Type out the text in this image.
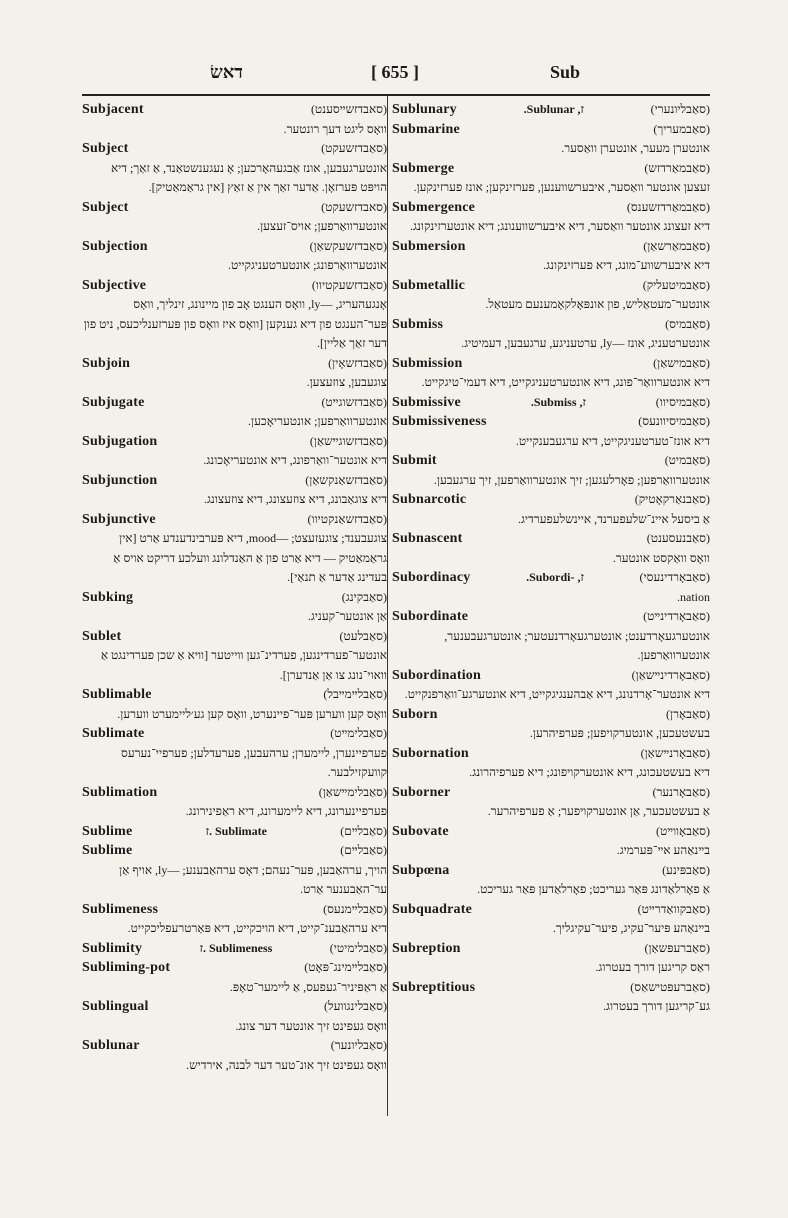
ﬢﬡשׂ	[ 655 ]	Sub
Subjacent	(סאבדזשײסענט)
וואָס ליגט דעך רונטער.
Subject	(סאַבדזשעקט)
אונטערגעבען, אונז אַבגעהאָרכען; אָ נעגענשטאַנד, אַ זאַך; דיא הויפּט פּערזאָן. אַדער זאַך אין אַ זאַץ [אין גראַמאַטיק].
Subject	(סאבדזשעקט)
אונטערוואַרפען; אויס־זעצען.
Subjection	(סאַבדזשעקשאַן)
אונטערוואַרפונג; אונטערטעניגקייט.
Subjective	(סאַבדזשעקטיוו)
אָנגעהעריג, —ly, וואָס הענגט אָב פון מיינונג, זינליך, וואָס פּער־הענגט פון דיא גענקען [וואָס איז וואָס פון פּערזענליכעס, ניט פון דער זאַך אַליין].
Subjoin	(סאַבדזשאָין)
צוגעבען, צוזעצען.
Subjugate	(סאַבדזשוגײט)
אונטערוואַרפען; אונטעריאָכען.
Subjugation	(סאַבדזשוגײשאַן)
דיא אונטער־וואַרפונג, דיא אונטעריאָכונג.
Subjunction	(סאַבדזשאַנקשאַן)
דיא צוגאַבונג, דיא צוזעצונג, דיא צוזעצונג.
Subjunctive	(סאַבדזשאַנקטיוו)
צוגעבענד; צוגעזעצט; —mood, דיא פּערבינדענדע אַרט [אין גראַמאַטיק — דיא אַרט פון אַ האַנדלונג וועלכע דריקט אויס אַ בעדינג אַדער אַ תנאַי].
Subking	(סאַבקינג)
אַן אונטער־קעניג.
Sublet	(סאַבלעט)
אונטער־פערדינגען, פערדינ־גען ווייטער [וויא אַ שכן פערדינגט אַ וואוי־נונג צו אַן אַנדערן].
Sublimable	(סאַבלײמײבל)
וואָס קען ווערען פּער־פיינערט, וואָס קען גע׳ליימערט ווערען.
Sublimate	(סאַבלימײט)
פערפיינערן, ליימערן; ערהעבען, פערעדלען; פערפיי־נערעס קוועקזילבער.
Sublimation	(סאַבלימײשאַן)
פערפיינערונג, דיא ליימערונג, דיא ראַפינירונג.
Sublime	ז. Sublimate	(סאַבלײם)
Sublime	(סאַבלײם)
הויך, ערהאַבען, פּער־נעהם; דאָס ערהאַבענע; —ly, אויף אַן ער־האַבענער אַרט.
Sublimeness	(סאַבלײמנעס)
דיא ערהאַבענ־קייט, דיא הויכקייט, דיא פּאַרטרעפליכקייט.
Sublimity	ז. Sublimeness	(סאַבלימיטי)
Subliming-pot	(סאַבלײמינג־פּאָט)
אַ ראַפּיניר־געפעס, אַ ליימער־טאָפּ.
Sublingual	(סאַבלינגוועל)
וואָס געפינט זיך אונטער דער צונג.
Sublunar	(סאַבליונער)
וואָס געפינט זיך אונ־טער דער לבנה, אירדיש.
Sublunary	.Sublunar ,ז	(סאַבליונערי)
Submarine	(סאַבמעריך)
אונטערן מעער, אונטערן וואַסער.
Submerge	(סאַבמאַרדזש)
זעצען אונטער וואַסער, איבערשווענען, פערזינקען; אונז פערזינקען.
Submergence	(סאַבמאַרדזשענס)
דיא זעצונג אונטער וואַסער, דיא איבערשווענונג; דיא אונטערזינקונג.
Submersion	(סאַבמאַרשאַן)
דיא איבערשווע־מונג, דיא פערזינקונג.
Submetallic	(סאַבמיטעליק)
אונטער־מעטאַליש, פון אונפּאָלקאָמענעם מעטאַל.
Submiss	(סאַבמיס)
אונטערטעניג, אונז —ly, ערטעניגע, ערגעבען, דעמיטיג.
Submission	(סאַבמישאַן)
דיא אונטערוואַר־פונג, דיא אונטערטעניגקייט, דיא דעמי־טיגקייט.
Submissive	.Submiss ,ז	(סאַבמיסיוו)
Submissiveness	(סאַבמיסיוונעס)
דיא אונז־טערטעניגקייט, דיא ערגעבענקייט.
Submit	(סאַבמיט)
אונטערוואַרפען; פאָרלעגען; זיך אונטערוואַרפען, זיך ערגעבען.
Subnarcotic	(סאַבנאַרקאָטיק)
אַ ביסעל איינ־שלעפערנד, איינשלעפערדיג.
Subnascent	(סאַבנעסענט)
וואָס וואַקסט אונטער.
Subordinacy	.Subordi- ,ז	(סאַבאָרדינעסי)
.nation
Subordinate	(סאַבאָרדינײט)
אונטערגעאָרדענט; אונטערגעאָרדנעטער; אונטערגעבענער, אונטערוואַרפען.
Subordination	(סאַבאָרדינײשאַן)
דיא אונטער־אָרדנונג, דיא אַבהענגיגקייט, דיא אונטערגע־וואַרפנקייט.
Suborn	(סאַבאָרן)
בעשטעכען, אונטערקויפען; פּערפיהרען.
Subornation	(סאַבאָרנײשאַן)
דיא בעשטעכונג, דיא אונטערקויפונג; דיא פערפיהרונג.
Suborner	(סאַבאָרנער)
אַ בעשטעכער, אַן אונטערקויפער; אַ פערפיהרער.
Subovate	(סאַבאָװײט)
בײנאַהע אײ־פּערמיג.
Subpœna	(סאַבפּינע)
אַ פאָרלאַדונג פּאַר געריכט; פאָרלאַדען פּאַר געריכט.
Subquadrate	(סאַבקוואַדרײט)
בײנאַהע פּיער־עקיג, פיער־עקיגליך.
Subreption	(סאַברעפּשאַן)
ראַס קריגען דורך בעטרוג.
Subreptitious	(סאַברעפּטישאַס)
גע־קריגען דורך בעטרוג.
